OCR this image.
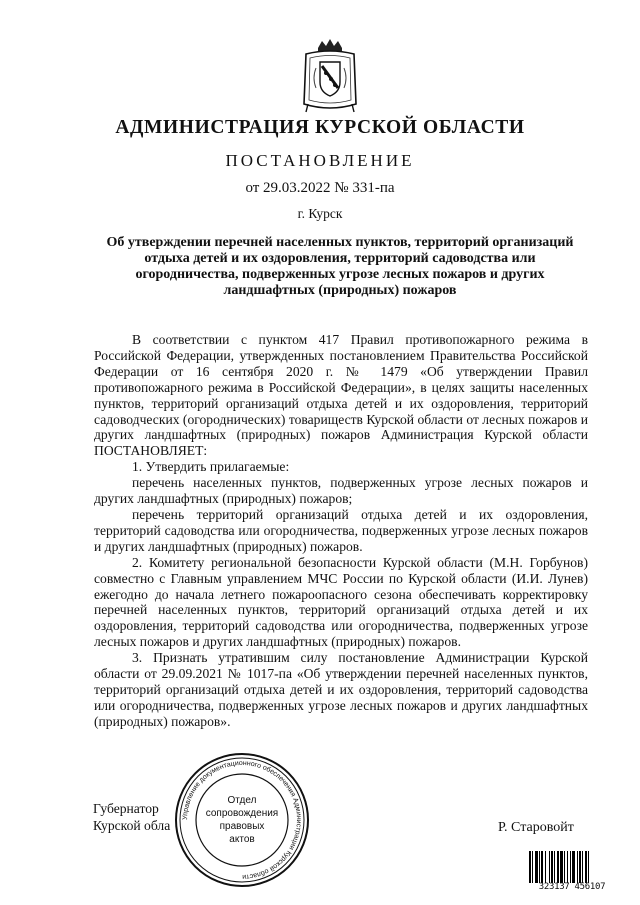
АДМИНИСТРАЦИЯ КУРСКОЙ ОБЛАСТИ
ПОСТАНОВЛЕНИЕ
от 29.03.2022 № 331-па
г. Курск
Об утверждении перечней населенных пунктов, территорий организаций
отдыха детей и их оздоровления, территорий садоводства или
огородничества, подверженных угрозе лесных пожаров и других
ландшафтных (природных) пожаров

В соответствии с пунктом 417 Правил противопожарного режима в Российской Федерации, утвержденных постановлением Правительства Российской Федерации от 16 сентября 2020 г. № 1479 «Об утверждении Правил противопожарного режима в Российской Федерации», в целях защиты населенных пунктов, территорий организаций отдыха детей и их оздоровления, территорий садоводческих (огороднических) товариществ Курской области от лесных пожаров и других ландшафтных (природных) пожаров Администрация Курской области ПОСТАНОВЛЯЕТ:

1. Утвердить прилагаемые:

перечень населенных пунктов, подверженных угрозе лесных пожаров и других ландшафтных (природных) пожаров;

перечень территорий организаций отдыха детей и их оздоровления, территорий садоводства или огородничества, подверженных угрозе лесных пожаров и других ландшафтных (природных) пожаров.

2. Комитету региональной безопасности Курской области (М.Н. Горбунов) совместно с Главным управлением МЧС России по Курской области (И.И. Лунев) ежегодно до начала летнего пожароопасного сезона обеспечивать корректировку перечней населенных пунктов, территорий организаций отдыха детей и их оздоровления, территорий садоводства или огородничества, подверженных угрозе лесных пожаров и других ландшафтных (природных) пожаров.

3. Признать утратившим силу постановление Администрации Курской области от 29.09.2021 № 1017-па «Об утверждении перечней населенных пунктов, территорий организаций отдыха детей и их оздоровления, территорий садоводства или огородничества, подверженных угрозе лесных пожаров и других ландшафтных (природных) пожаров».

Губернатор
Курской обла
Управление документационного обеспечения Администрации Курской области
Отдел
сопровождения
правовых
актов
Р. Старовойт
323137 456107
